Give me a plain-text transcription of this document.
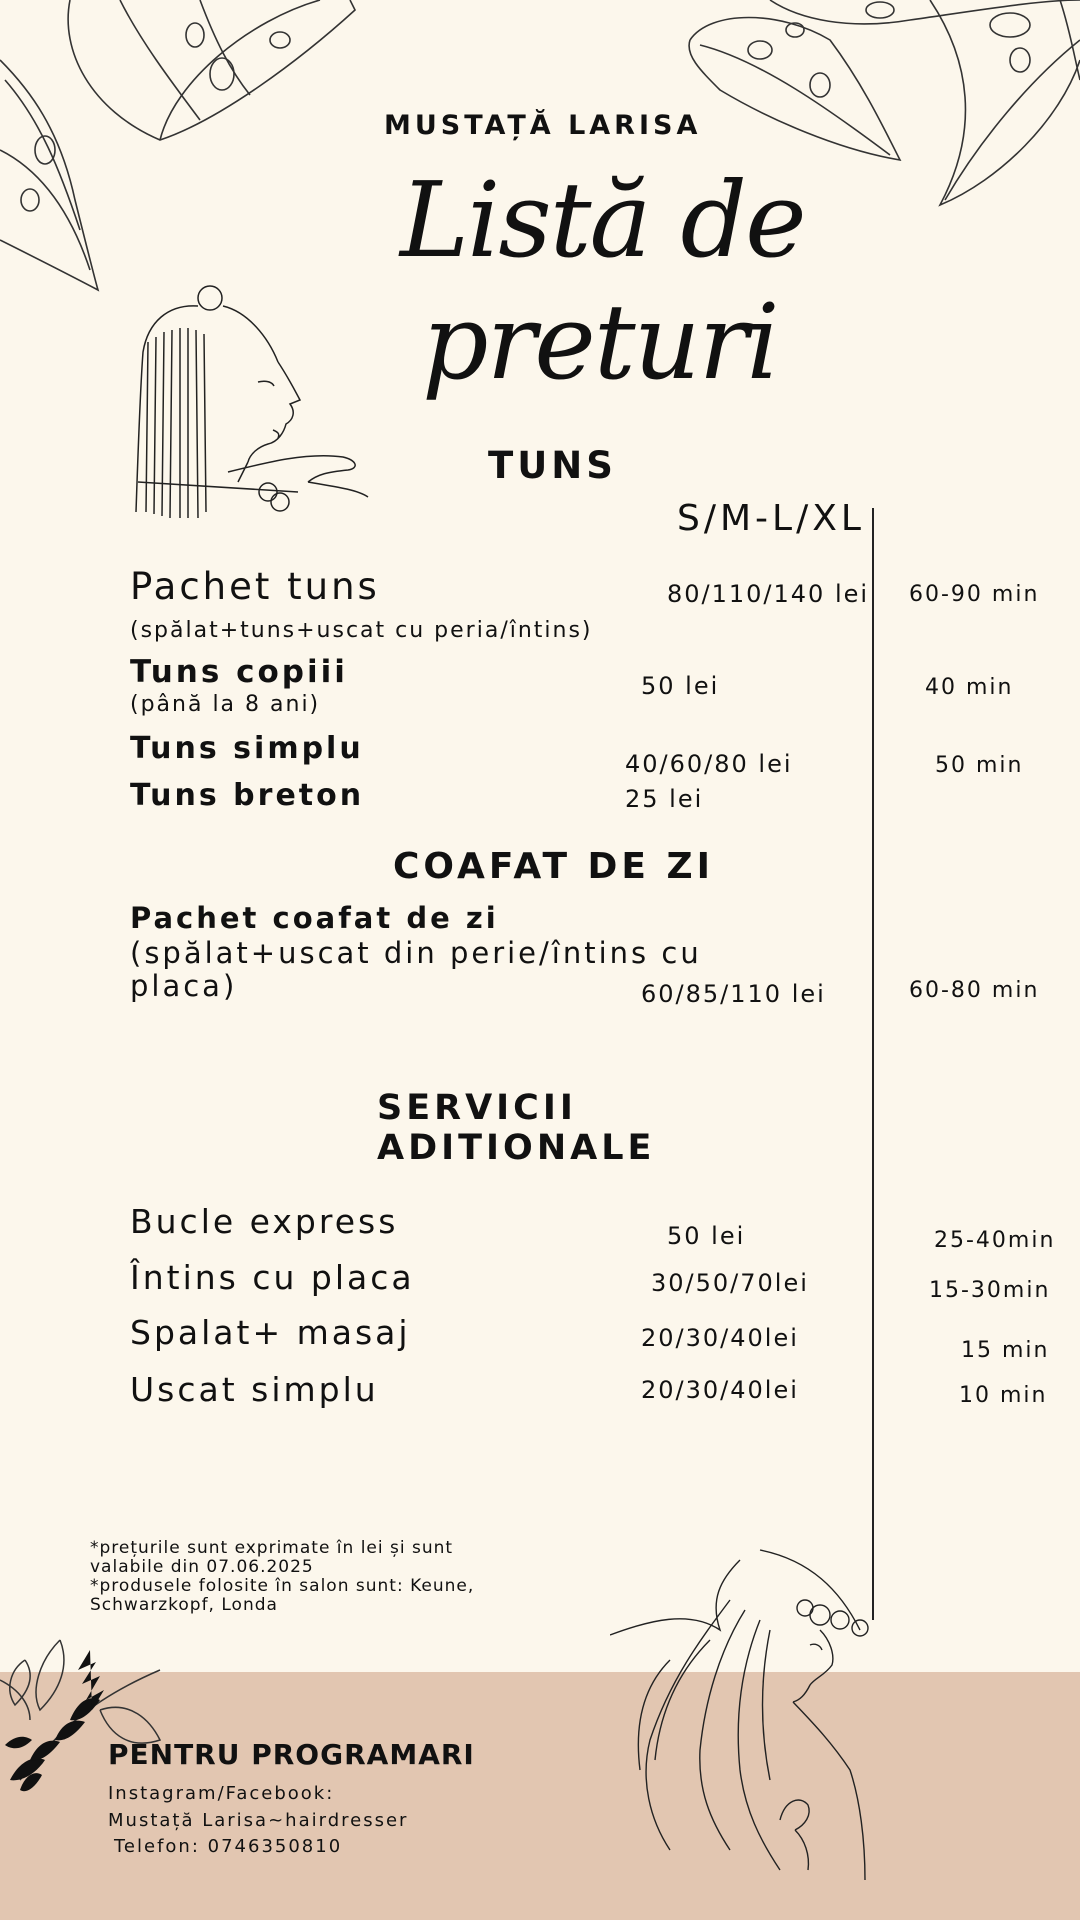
MUSTAȚĂ LARISA
Listă de
preturi
TUNS
S/M-L/XL
Pachet tuns
(spălat+tuns+uscat cu peria/întins)
80/110/140 lei 60-90 min
Tuns copiii
(până la 8 ani)
50 lei	40 min
Tuns simplu	40/60/80 lei	50 min
Tuns breton	25 lei
COAFAT DE ZI
Pachet coafat de zi
(spălat+uscat din perie/întins cu
placa)	60/85/110 lei	60-80 min
SERVICII
ADITIONALE
Bucle express	50 lei	25-40min
Întins cu placa	30/50/70lei	15-30min
Spalat+ masaj	20/30/40lei	15 min
Uscat simplu	20/30/40lei	10 min
*prețurile sunt exprimate în lei și sunt
valabile din 07.06.2025
*produsele folosite în salon sunt: Keune,
Schwarzkopf, Londa
PENTRU PROGRAMARI
Instagram/Facebook:
Mustață Larisa~hairdresser
Telefon: 0746350810
